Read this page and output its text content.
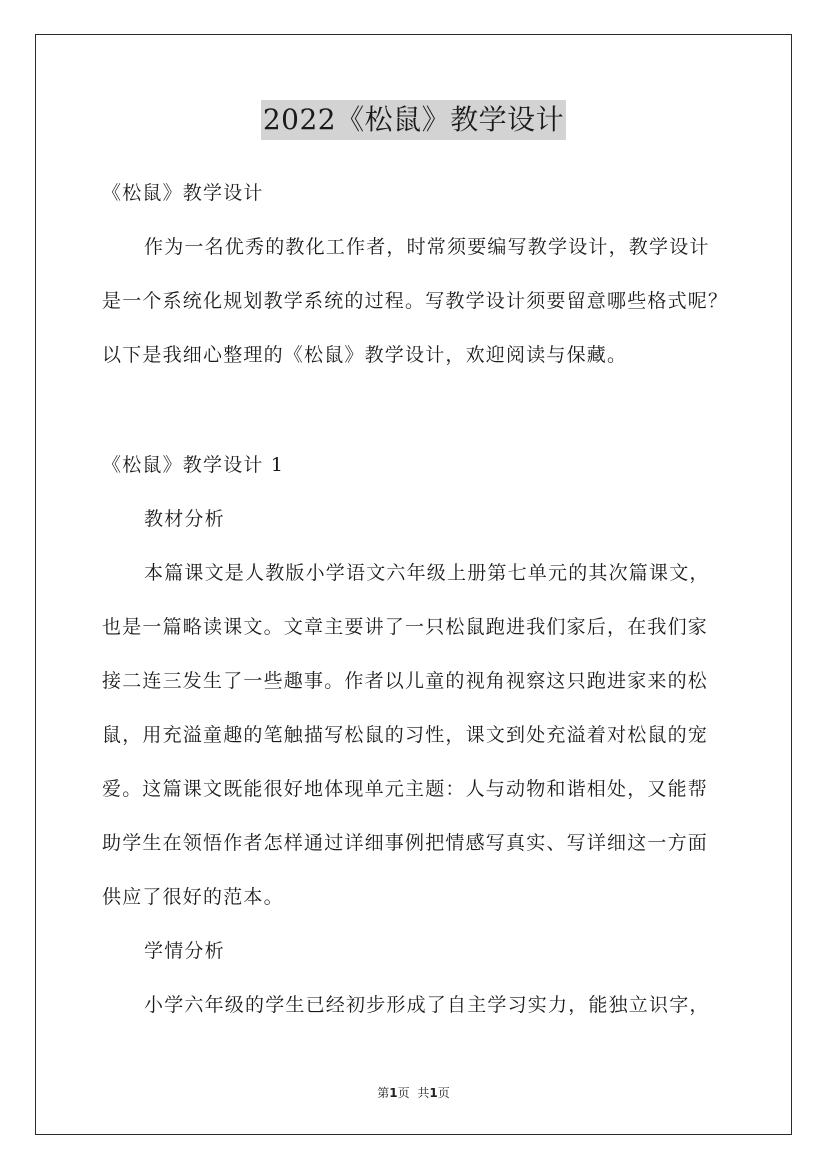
2022《松鼠》教学设计
《松鼠》教学设计
作为一名优秀的教化工作者，时常须要编写教学设计，教学设计
是一个系统化规划教学系统的过程。写教学设计须要留意哪些格式呢？
以下是我细心整理的《松鼠》教学设计，欢迎阅读与保藏。
《松鼠》教学设计 1
教材分析
本篇课文是人教版小学语文六年级上册第七单元的其次篇课文，
也是一篇略读课文。文章主要讲了一只松鼠跑进我们家后，在我们家
接二连三发生了一些趣事。作者以儿童的视角视察这只跑进家来的松
鼠，用充溢童趣的笔触描写松鼠的习性，课文到处充溢着对松鼠的宠
爱。这篇课文既能很好地体现单元主题：人与动物和谐相处，又能帮
助学生在领悟作者怎样通过详细事例把情感写真实、写详细这一方面
供应了很好的范本。
学情分析
小学六年级的学生已经初步形成了自主学习实力，能独立识字，
第1页 共1页
